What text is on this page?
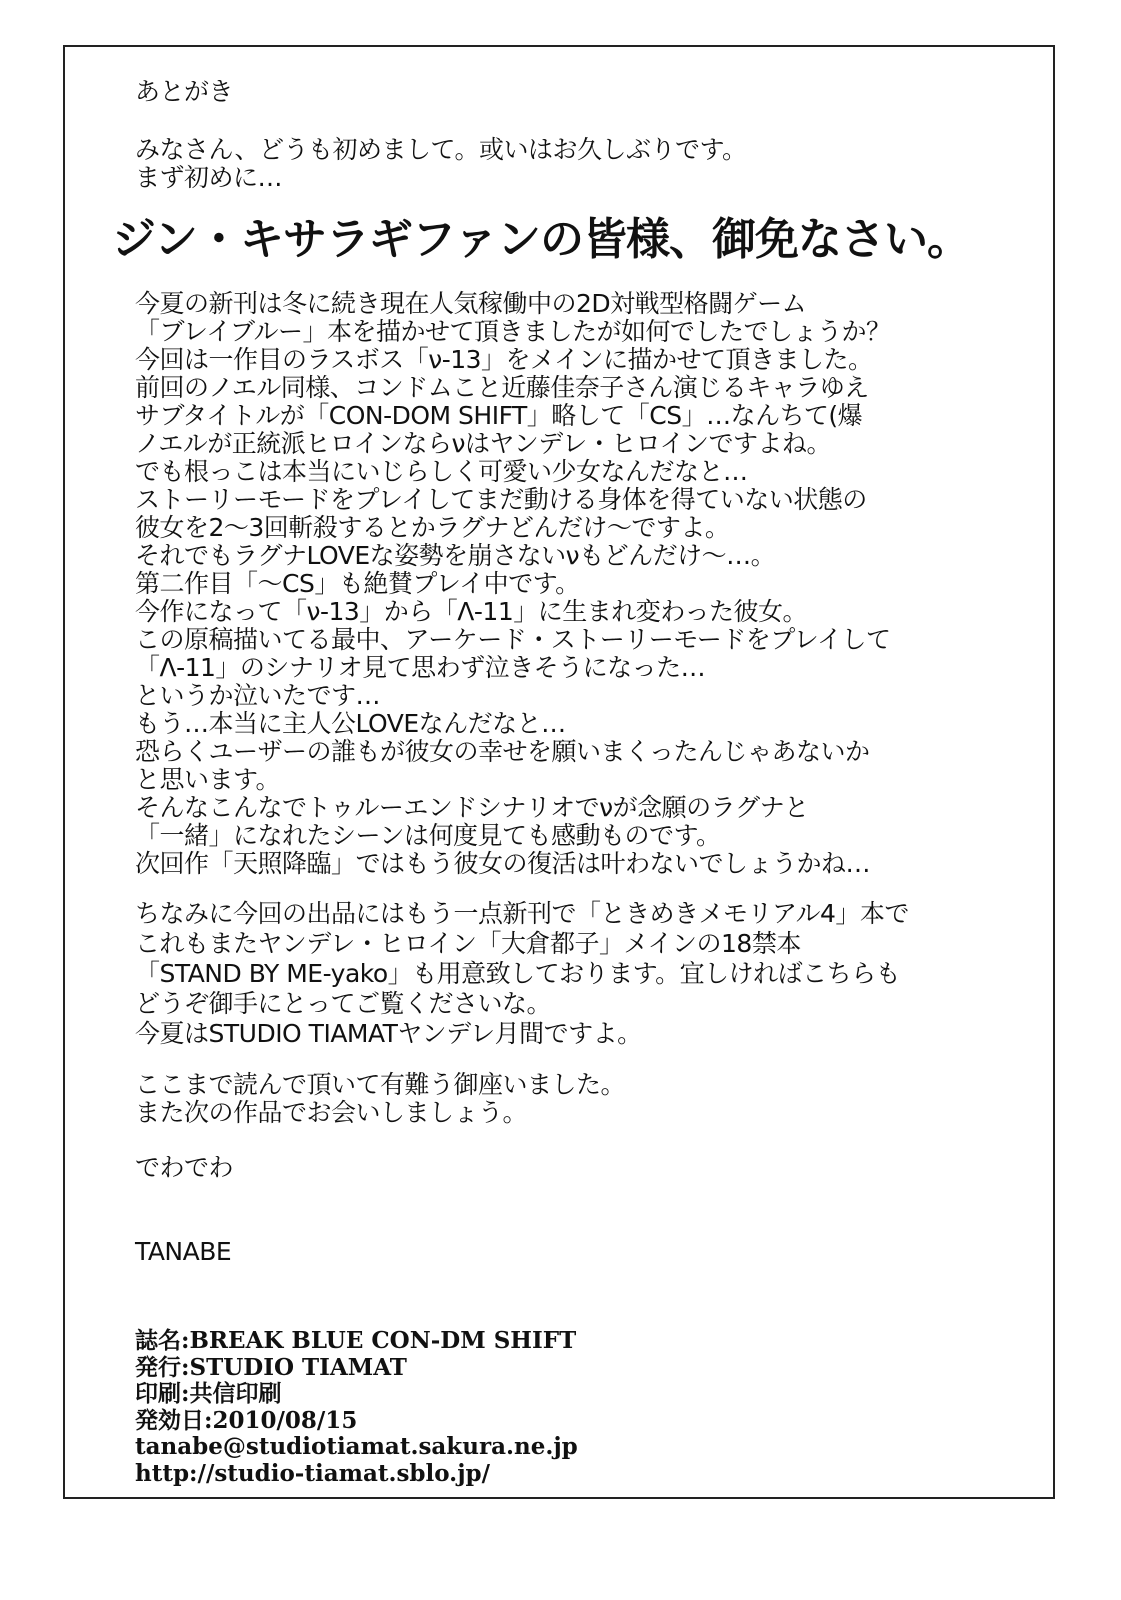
あとがき
みなさん、どうも初めまして。或いはお久しぶりです。
まず初めに…
ジン・キサラギファンの皆様、御免なさい。
今夏の新刊は冬に続き現在人気稼働中の2D対戦型格闘ゲーム
「ブレイブルー」本を描かせて頂きましたが如何でしたでしょうか？
今回は一作目のラスボス「ν-13」をメインに描かせて頂きました。
前回のノエル同様、コンドムこと近藤佳奈子さん演じるキャラゆえ
サブタイトルが「CON-DOM SHIFT」略して「CS」…なんちて(爆
ノエルが正統派ヒロインならνはヤンデレ・ヒロインですよね。
でも根っこは本当にいじらしく可愛い少女なんだなと…
ストーリーモードをプレイしてまだ動ける身体を得ていない状態の
彼女を2～3回斬殺するとかラグナどんだけ～ですよ。
それでもラグナLOVEな姿勢を崩さないνもどんだけ～…。
第二作目「～CS」も絶賛プレイ中です。
今作になって「ν-13」から「Λ-11」に生まれ変わった彼女。
この原稿描いてる最中、アーケード・ストーリーモードをプレイして
「Λ-11」のシナリオ見て思わず泣きそうになった…
というか泣いたです…
もう…本当に主人公LOVEなんだなと…
恐らくユーザーの誰もが彼女の幸せを願いまくったんじゃあないか
と思います。
そんなこんなでトゥルーエンドシナリオでνが念願のラグナと
「一緒」になれたシーンは何度見ても感動ものです。
次回作「天照降臨」ではもう彼女の復活は叶わないでしょうかね…
ちなみに今回の出品にはもう一点新刊で「ときめきメモリアル4」本で
これもまたヤンデレ・ヒロイン「大倉都子」メインの18禁本
「STAND BY ME-yako」も用意致しております。宜しければこちらも
どうぞ御手にとってご覧くださいな。
今夏はSTUDIO TIAMATヤンデレ月間ですよ。
ここまで読んで頂いて有難う御座いました。
また次の作品でお会いしましょう。
でわでわ
TANABE
誌名:BREAK BLUE CON-DM SHIFT
発行:STUDIO TIAMAT
印刷:共信印刷
発効日:2010/08/15
tanabe@studiotiamat.sakura.ne.jp
http://studio-tiamat.sblo.jp/
